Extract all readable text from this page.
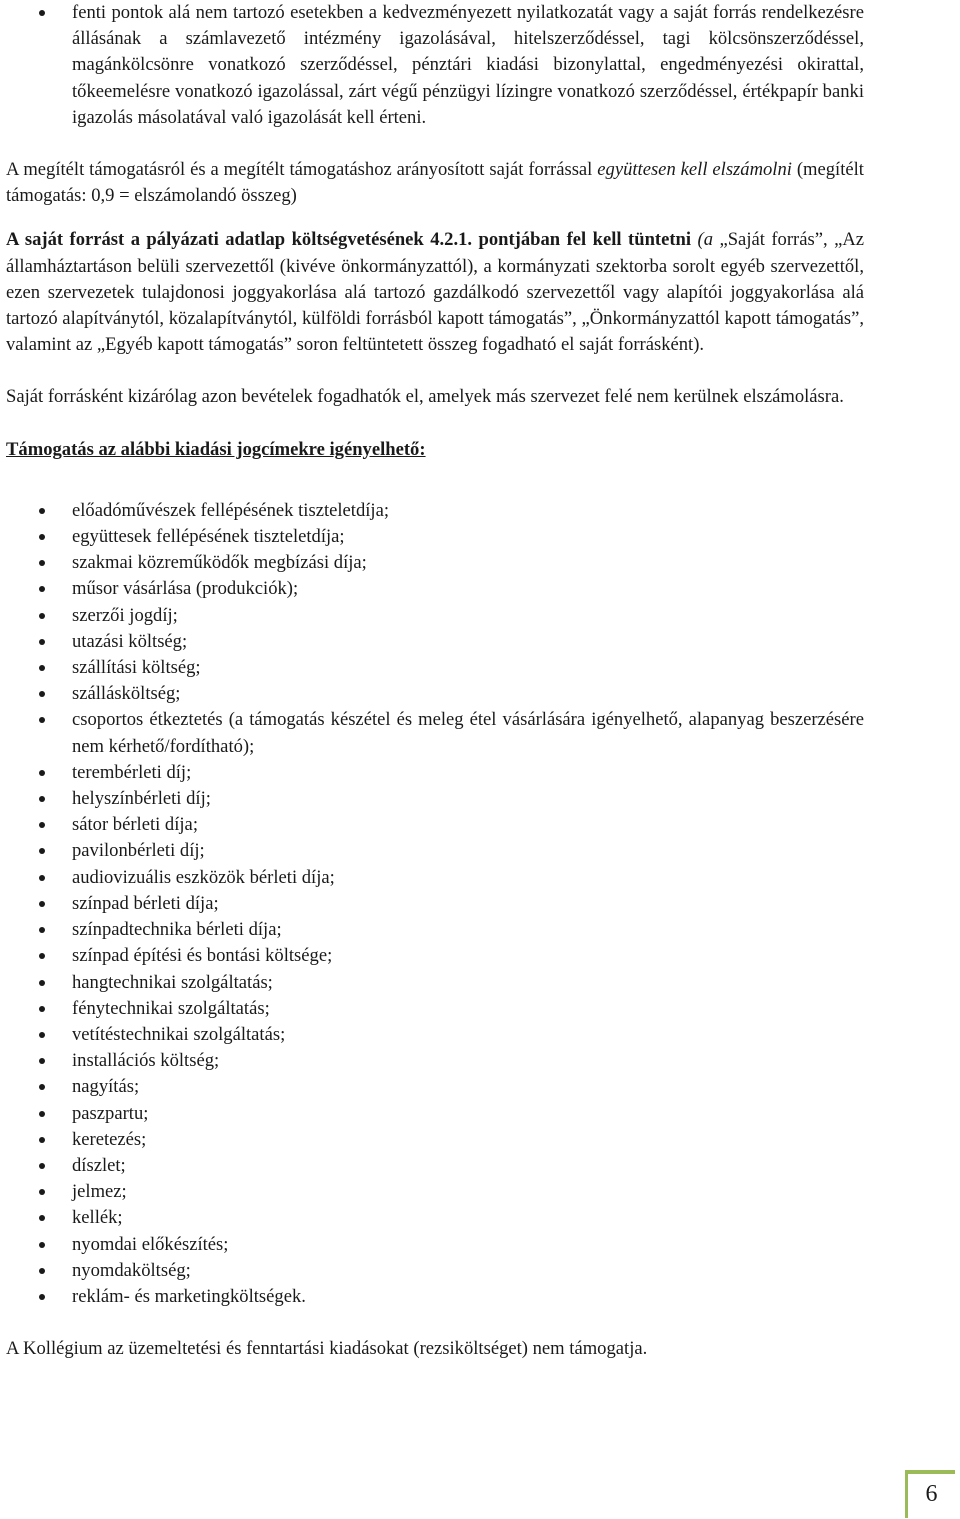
fenti pontok alá nem tartozó esetekben a kedvezményezett nyilatkozatát vagy a saját forrás rendelkezésre állásának a számlavezető intézmény igazolásával, hitelszerződéssel, tagi kölcsönszerződéssel, magánkölcsönre vonatkozó szerződéssel, pénztári kiadási bizonylattal, engedményezési okirattal, tőkeemelésre vonatkozó igazolással, zárt végű pénzügyi lízingre vonatkozó szerződéssel, értékpapír banki igazolás másolatával való igazolását kell érteni.

A megítélt támogatásról és a megítélt támogatáshoz arányosított saját forrással együttesen kell elszámolni (megítélt támogatás: 0,9 = elszámolandó összeg)

A saját forrást a pályázati adatlap költségvetésének 4.2.1. pontjában fel kell tüntetni (a „Saját forrás”, „Az államháztartáson belüli szervezettől (kivéve önkormányzattól), a kormányzati szektorba sorolt egyéb szervezettől, ezen szervezetek tulajdonosi joggyakorlása alá tartozó gazdálkodó szervezettől vagy alapítói joggyakorlása alá tartozó alapítványtól, közalapítványtól, külföldi forrásból kapott támogatás”, „Önkormányzattól kapott támogatás”, valamint az „Egyéb kapott támogatás” soron feltüntetett összeg fogadható el saját forrásként).

Saját forrásként kizárólag azon bevételek fogadhatók el, amelyek más szervezet felé nem kerülnek elszámolásra.

Támogatás az alábbi kiadási jogcímekre igényelhető:

előadóművészek fellépésének tiszteletdíja;
együttesek fellépésének tiszteletdíja;
szakmai közreműködők megbízási díja;
műsor vásárlása (produkciók);
szerzői jogdíj;
utazási költség;
szállítási költség;
szállásköltség;
csoportos étkeztetés (a támogatás készétel és meleg étel vásárlására igényelhető, alapanyag beszerzésére nem kérhető/fordítható);
terembérleti díj;
helyszínbérleti díj;
sátor bérleti díja;
pavilonbérleti díj;
audiovizuális eszközök bérleti díja;
színpad bérleti díja;
színpadtechnika bérleti díja;
színpad építési és bontási költsége;
hangtechnikai szolgáltatás;
fénytechnikai szolgáltatás;
vetítéstechnikai szolgáltatás;
installációs költség;
nagyítás;
paszpartu;
keretezés;
díszlet;
jelmez;
kellék;
nyomdai előkészítés;
nyomdaköltség;
reklám- és marketingköltségek.

A Kollégium az üzemeltetési és fenntartási kiadásokat (rezsiköltséget) nem támogatja.

6
